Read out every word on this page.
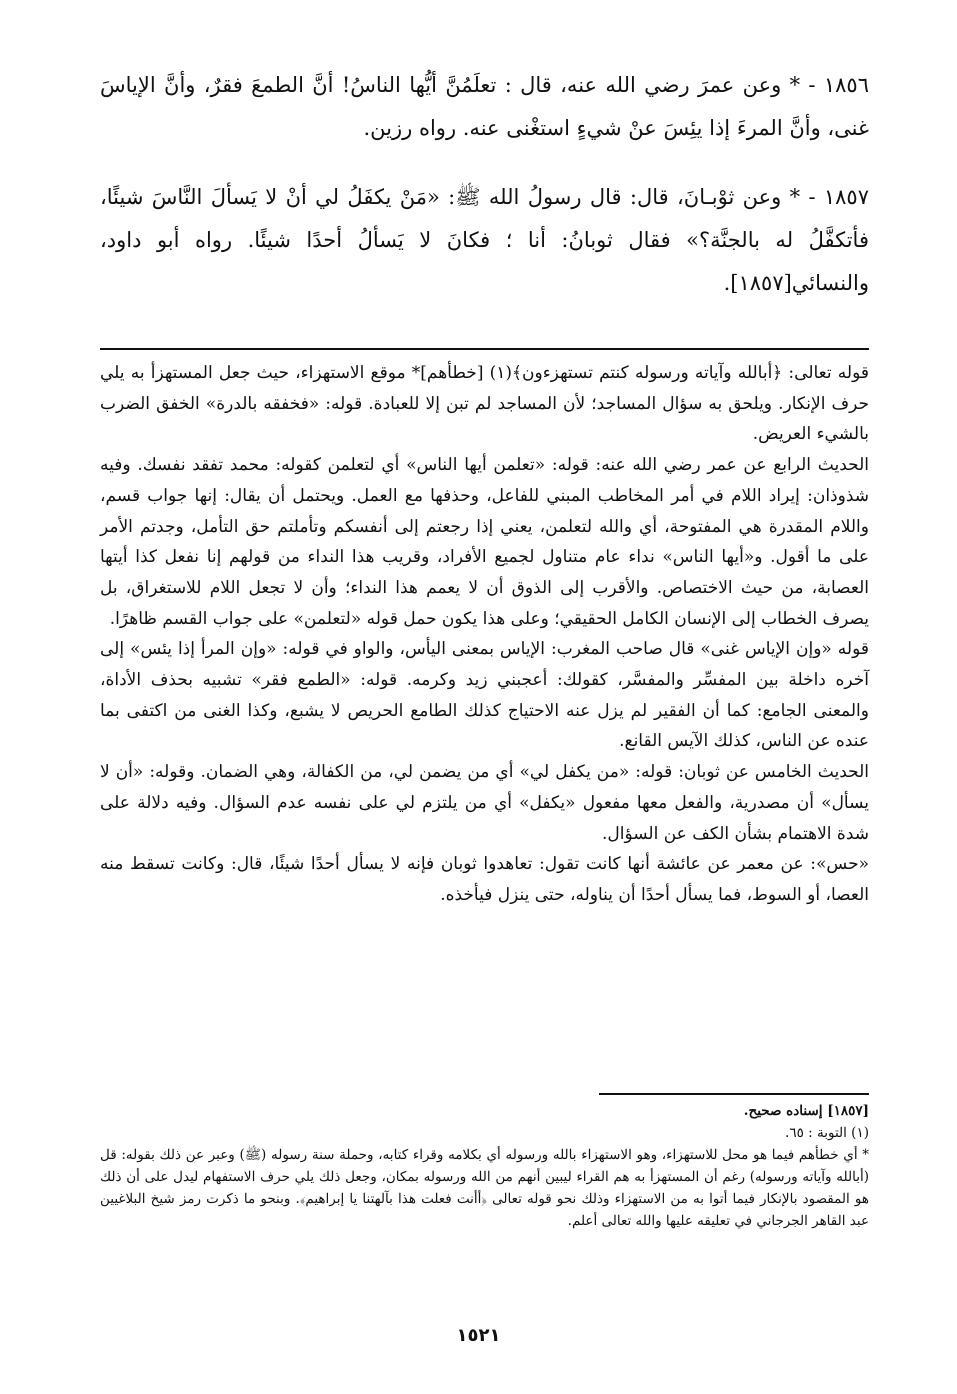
١٨٥٦ - * وعن عمرَ رضي الله عنه، قال : تعلَمُنَّ أيُّها الناسُ! أنَّ الطمعَ فقرٌ، وأنَّ الإياسَ غنى، وأنَّ المرءَ إذا يئِسَ عنْ شيءٍ استغْنى عنه. رواه رزين.
١٨٥٧ - * وعن ثوْبـانَ، قال: قال رسولُ الله ﷺ: «مَنْ يكفَلُ لي أنْ لا يَسألَ النَّاسَ شيئًا، فأتكفَّلُ له بالجنَّة؟» فقال ثوبانُ: أنا ؛ فكانَ لا يَسألُ أحدًا شيئًا. رواه أبو داود، والنسائي[١٨٥٧].

قوله تعالى: ﴿أبالله وآياته ورسوله كنتم تستهزءون﴾(١) [خطأهم]* موقع الاستهزاء، حيث جعل المستهزأ به يلي حرف الإنكار. ويلحق به سؤال المساجد؛ لأن المساجد لم تبن إلا للعبادة. قوله: «فخفقه بالدرة» الخفق الضرب بالشيء العريض.

الحديث الرابع عن عمر رضي الله عنه: قوله: «تعلمن أيها الناس» أي لتعلمن كقوله: محمد تفقد نفسك. وفيه شذوذان: إيراد اللام في أمر المخاطب المبني للفاعل، وحذفها مع العمل. ويحتمل أن يقال: إنها جواب قسم، واللام المقدرة هي المفتوحة، أي والله لتعلمن، يعني إذا رجعتم إلى أنفسكم وتأملتم حق التأمل، وجدتم الأمر على ما أقول. و«أيها الناس» نداء عام متناول لجميع الأفراد، وقريب هذا النداء من قولهم إنا نفعل كذا أيتها العصابة، من حيث الاختصاص. والأقرب إلى الذوق أن لا يعمم هذا النداء؛ وأن لا تجعل اللام للاستغراق، بل يصرف الخطاب إلى الإنسان الكامل الحقيقي؛ وعلى هذا يكون حمل قوله «لتعلمن» على جواب القسم ظاهرًا.

قوله «وإن الإياس غنى» قال صاحب المغرب: الإياس بمعنى اليأس، والواو في قوله: «وإن المرأ إذا يئس» إلى آخره داخلة بين المفسِّر والمفسَّر، كقولك: أعجبني زيد وكرمه. قوله: «الطمع فقر» تشبيه بحذف الأداة، والمعنى الجامع: كما أن الفقير لم يزل عنه الاحتياج كذلك الطامع الحريص لا يشبع، وكذا الغنى من اكتفى بما عنده عن الناس، كذلك الآيس القانع.

الحديث الخامس عن ثوبان: قوله: «من يكفل لي» أي من يضمن لي، من الكفالة، وهي الضمان. وقوله: «أن لا يسأل» أن مصدرية، والفعل معها مفعول «يكفل» أي من يلتزم لي على نفسه عدم السؤال. وفيه دلالة على شدة الاهتمام بشأن الكف عن السؤال.

«حس»: عن معمر عن عائشة أنها كانت تقول: تعاهدوا ثوبان فإنه لا يسأل أحدًا شيئًا، قال: وكانت تسقط منه العصا، أو السوط، فما يسأل أحدًا أن يناوله، حتى ينزل فيأخذه.

[١٨٥٧] إسناده صحيح.

(١) التوبة : ٦٥.

* أي خطأهم فيما هو محل للاستهزاء، وهو الاستهزاء بالله ورسوله أي بكلامه وقراء كتابه، وحملة سنة رسوله (ﷺ) وعبر عن ذلك بقوله: قل (أبالله وآياته ورسوله) رغم أن المستهزأ به هم القراء ليبين أنهم من الله ورسوله بمكان، وجعل ذلك يلي حرف الاستفهام ليدل على أن ذلك هو المقصود بالإنكار فيما أتوا به من الاستهزاء وذلك نحو قوله تعالى ﴿أأنت فعلت هذا بآلهتنا يا إبراهيم﴾. وبنحو ما ذكرت رمز شيخ البلاغيين عبد القاهر الجرجاني في تعليقه عليها والله تعالى أعلم.

١٥٢١
